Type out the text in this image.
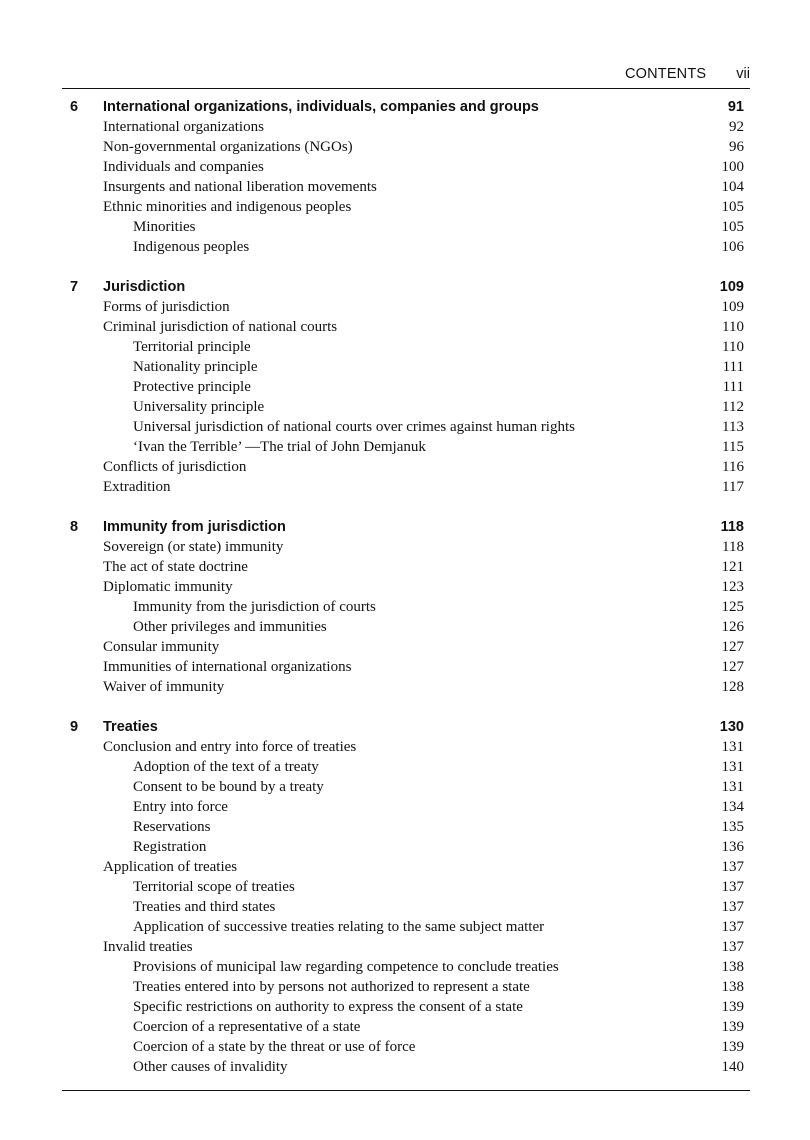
CONTENTS vii
6 International organizations, individuals, companies and groups	91
International organizations	92
Non-governmental organizations (NGOs)	96
Individuals and companies	100
Insurgents and national liberation movements	104
Ethnic minorities and indigenous peoples	105
Minorities	105
Indigenous peoples	106
7 Jurisdiction	109
Forms of jurisdiction	109
Criminal jurisdiction of national courts	110
Territorial principle	110
Nationality principle	111
Protective principle	111
Universality principle	112
Universal jurisdiction of national courts over crimes against human rights	113
‘Ivan the Terrible’ —The trial of John Demjanuk	115
Conflicts of jurisdiction	116
Extradition	117
8 Immunity from jurisdiction	118
Sovereign (or state) immunity	118
The act of state doctrine	121
Diplomatic immunity	123
Immunity from the jurisdiction of courts	125
Other privileges and immunities	126
Consular immunity	127
Immunities of international organizations	127
Waiver of immunity	128
9 Treaties	130
Conclusion and entry into force of treaties	131
Adoption of the text of a treaty	131
Consent to be bound by a treaty	131
Entry into force	134
Reservations	135
Registration	136
Application of treaties	137
Territorial scope of treaties	137
Treaties and third states	137
Application of successive treaties relating to the same subject matter	137
Invalid treaties	137
Provisions of municipal law regarding competence to conclude treaties	138
Treaties entered into by persons not authorized to represent a state	138
Specific restrictions on authority to express the consent of a state	139
Coercion of a representative of a state	139
Coercion of a state by the threat or use of force	139
Other causes of invalidity	140
